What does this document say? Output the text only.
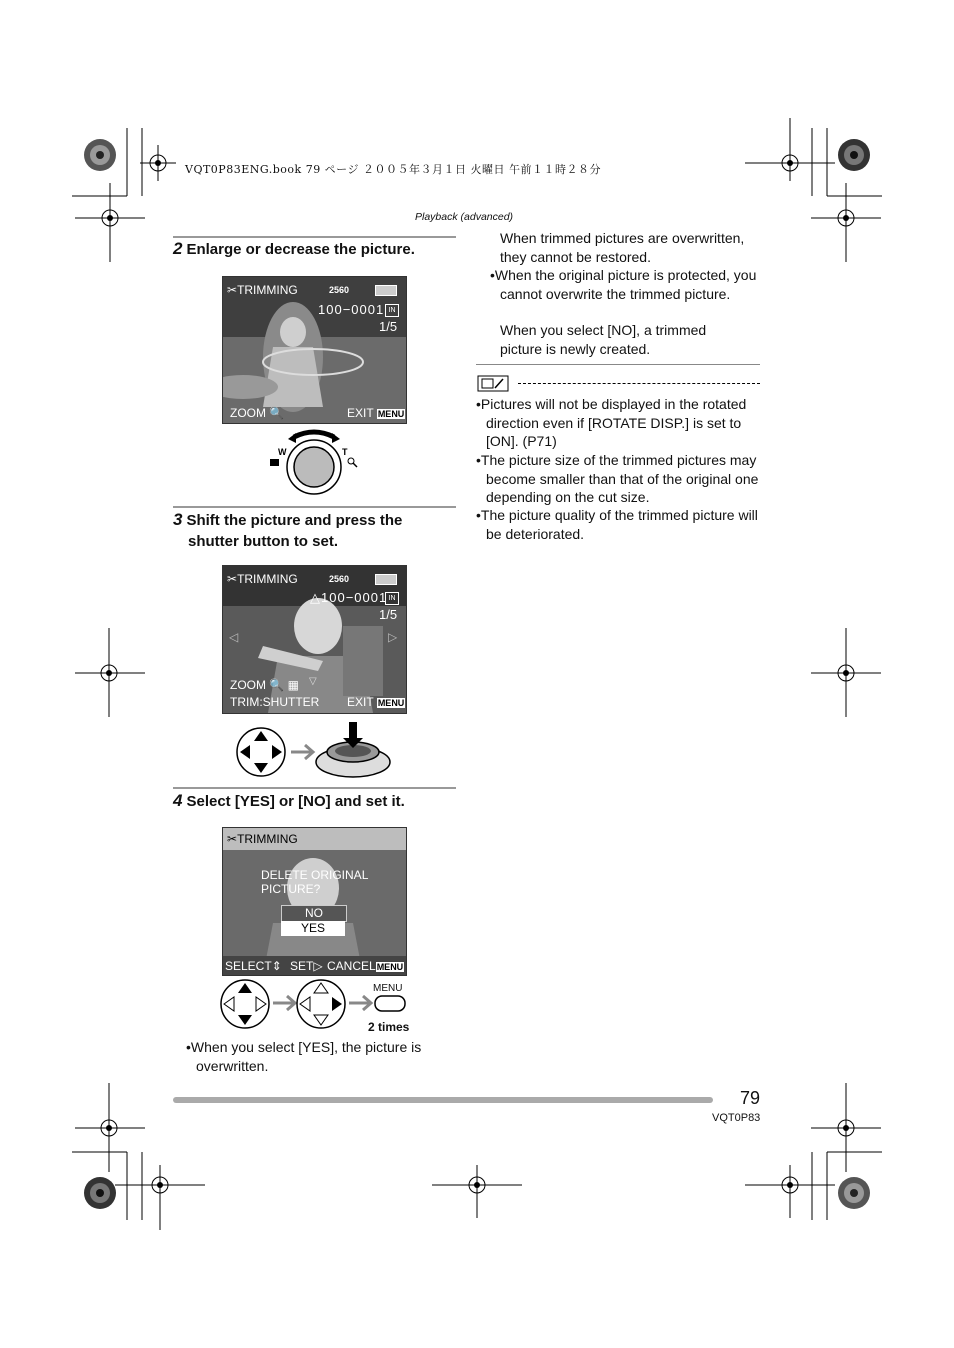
VQT0P83ENG.book 79 ページ ２００５年３月１日 火曜日 午前１１時２８分
Playback (advanced)
2 Enlarge or decrease the picture.
✂TRIMMING	2560
100−0001 IN
1/5
ZOOM 🔍	EXIT MENU
W	T
3 Shift the picture and press the
shutter button to set.
✂TRIMMING	2560
△100−0001 IN
1/5
◁	▷
▽
ZOOM 🔍 ▦
TRIM:SHUTTER EXIT MENU
4 Select [YES] or [NO] and set it.
✂TRIMMING
DELETE ORIGINAL
PICTURE?
NO
YES
SELECT⇕ SET▷ CANCELMENU
MENU
2 times
•When you select [YES], the picture is overwritten.
When trimmed pictures are overwritten, they cannot be restored.
•When the original picture is protected, you cannot overwrite the trimmed picture.
When you select [NO], a trimmed picture is newly created.
•Pictures will not be displayed in the rotated direction even if [ROTATE DISP.] is set to [ON]. (P71)
•The picture size of the trimmed pictures may become smaller than that of the original one depending on the cut size.
•The picture quality of the trimmed picture will be deteriorated.
79
VQT0P83
